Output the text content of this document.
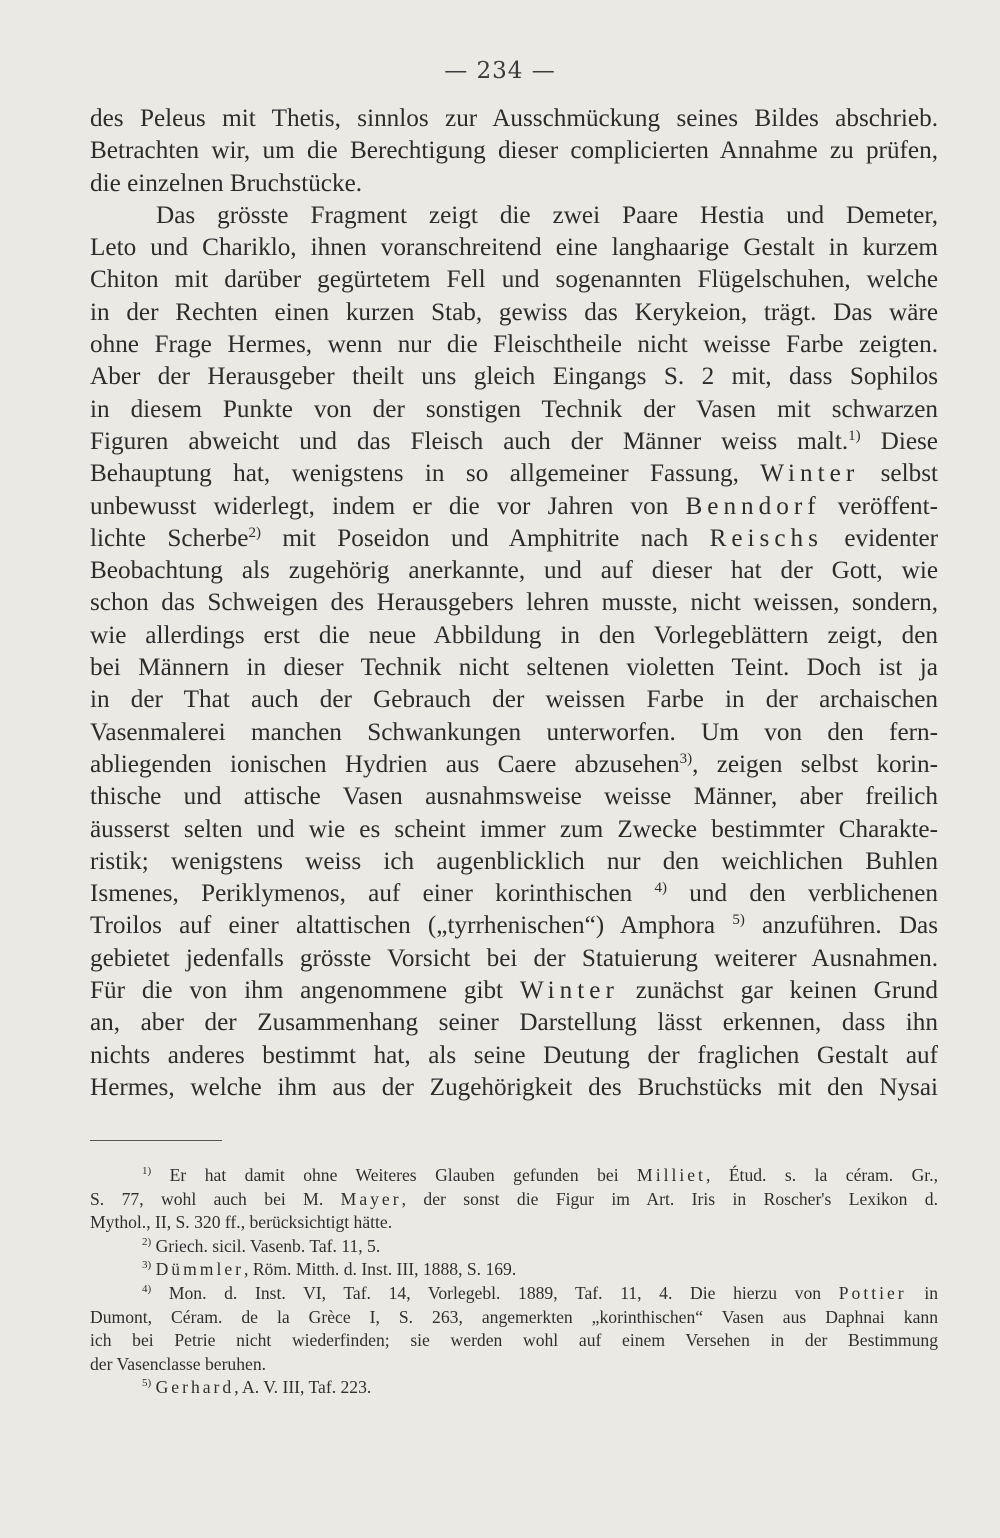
— 234 —

des Peleus mit Thetis, sinnlos zur Ausschmückung seines Bildes abschrieb.

Betrachten wir, um die Berechtigung dieser complicierten Annahme zu prüfen,

die einzelnen Bruchstücke.

Das grösste Fragment zeigt die zwei Paare Hestia und Demeter,

Leto und Chariklo, ihnen voranschreitend eine langhaarige Gestalt in kurzem

Chiton mit darüber gegürtetem Fell und sogenannten Flügelschuhen, welche

in der Rechten einen kurzen Stab, gewiss das Kerykeion, trägt. Das wäre

ohne Frage Hermes, wenn nur die Fleischtheile nicht weisse Farbe zeigten.

Aber der Herausgeber theilt uns gleich Eingangs S. 2 mit, dass Sophilos

in diesem Punkte von der sonstigen Technik der Vasen mit schwarzen

Figuren abweicht und das Fleisch auch der Männer weiss malt.$^{1)}$ Diese

Behauptung hat, wenigstens in so allgemeiner Fassung, Winter selbst

unbewusst widerlegt, indem er die vor Jahren von Benndorf veröffent-

lichte Scherbe$^{2)}$ mit Poseidon und Amphitrite nach Reischs evidenter

Beobachtung als zugehörig anerkannte, und auf dieser hat der Gott, wie

schon das Schweigen des Herausgebers lehren musste, nicht weissen, sondern,

wie allerdings erst die neue Abbildung in den Vorlegeblättern zeigt, den

bei Männern in dieser Technik nicht seltenen violetten Teint. Doch ist ja

in der That auch der Gebrauch der weissen Farbe in der archaischen

Vasenmalerei manchen Schwankungen unterworfen. Um von den fern-

abliegenden ionischen Hydrien aus Caere abzusehen$^{3)}$, zeigen selbst korin-

thische und attische Vasen ausnahmsweise weisse Männer, aber freilich

äusserst selten und wie es scheint immer zum Zwecke bestimmter Charakte-

ristik; wenigstens weiss ich augenblicklich nur den weichlichen Buhlen

Ismenes, Periklymenos, auf einer korinthischen $^{4)}$ und den verblichenen

Troilos auf einer altattischen („tyrrhenischen“) Amphora $^{5)}$ anzuführen. Das

gebietet jedenfalls grösste Vorsicht bei der Statuierung weiterer Ausnahmen.

Für die von ihm angenommene gibt Winter zunächst gar keinen Grund

an, aber der Zusammenhang seiner Darstellung lässt erkennen, dass ihn

nichts anderes bestimmt hat, als seine Deutung der fraglichen Gestalt auf

Hermes, welche ihm aus der Zugehörigkeit des Bruchstücks mit den Nysai

$^{1)}$ Er hat damit ohne Weiteres Glauben gefunden bei Milliet, Étud. s. la céram. Gr.,

S. 77, wohl auch bei M. Mayer, der sonst die Figur im Art. Iris in Roscher's Lexikon d.

Mythol., II, S. 320 ff., berücksichtigt hätte.

$^{2)}$ Griech. sicil. Vasenb. Taf. 11, 5.

$^{3)}$ Dümmler, Röm. Mitth. d. Inst. III, 1888, S. 169.

$^{4)}$ Mon. d. Inst. VI, Taf. 14, Vorlegebl. 1889, Taf. 11, 4. Die hierzu von Pottier in

Dumont, Céram. de la Grèce I, S. 263, angemerkten „korinthischen“ Vasen aus Daphnai kann

ich bei Petrie nicht wiederfinden; sie werden wohl auf einem Versehen in der Bestimmung

der Vasenclasse beruhen.

$^{5)}$ Gerhard, A. V. III, Taf. 223.
